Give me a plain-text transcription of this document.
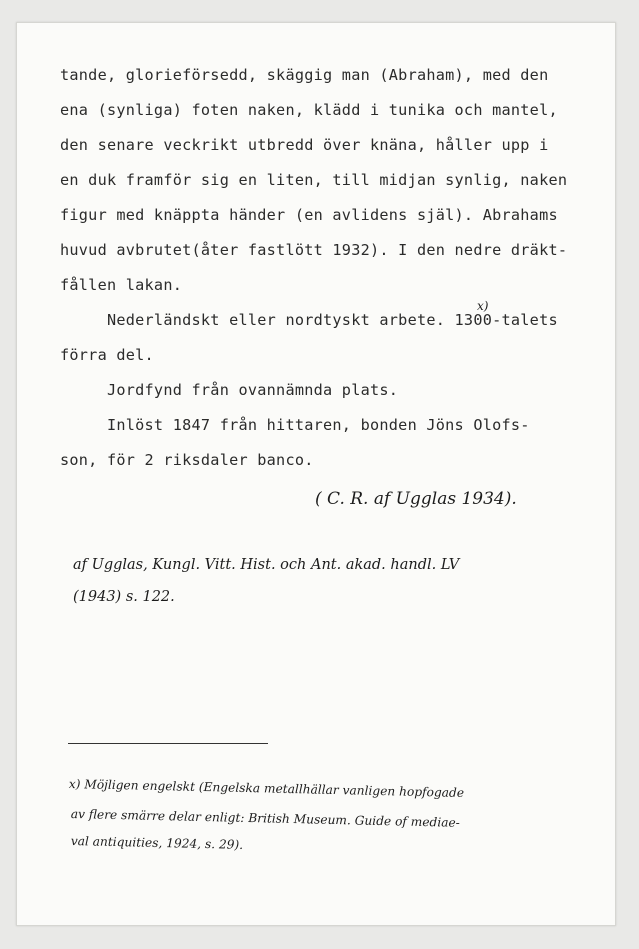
tande, glorieförsedd, skäggig man (Abraham), med den
ena (synliga) foten naken, klädd i tunika och mantel,
den senare veckrikt utbredd över knäna, håller upp i
en duk framför sig en liten, till midjan synlig, naken
figur med knäppta händer (en avlidens själ). Abrahams
huvud avbrutet(åter fastlött 1932). I den nedre dräkt-
fållen lakan.
Nederländskt eller nordtyskt arbete. 1300-talets
förra del.
Jordfynd från ovannämnda plats.
Inlöst 1847 från hittaren, bonden Jöns Olofs-
son, för 2 riksdaler banco.
x)
( C. R. af Ugglas 1934).
af Ugglas, Kungl. Vitt. Hist. och Ant. akad. handl. LV
(1943) s. 122.
x) Möjligen engelskt (Engelska metallhällar vanligen hopfogade
av flere smärre delar enligt: British Museum. Guide of mediae-
val antiquities, 1924, s. 29).
